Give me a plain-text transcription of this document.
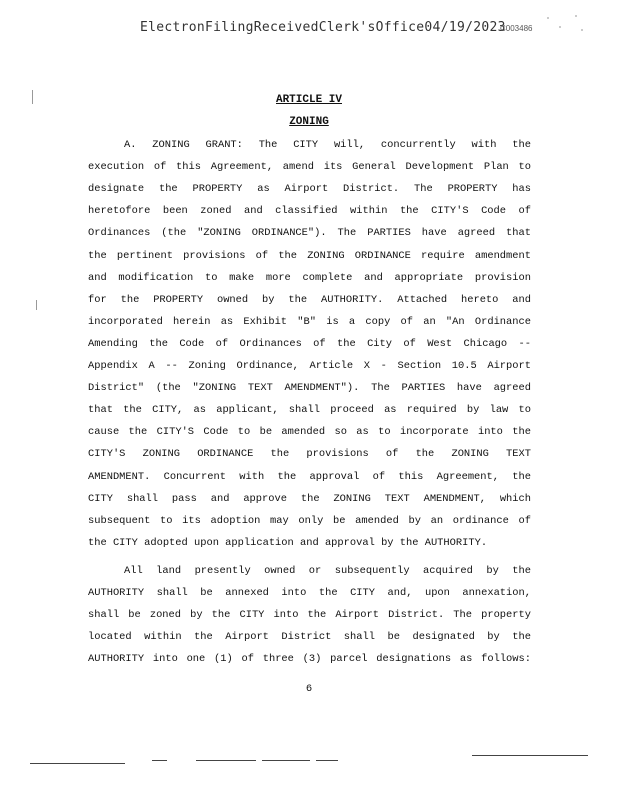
ElectronFilingReceivedClerk'sOffice04/19/2023
C003486
ARTICLE IV
ZONING
A. ZONING GRANT: The CITY will, concurrently with the
execution of this Agreement, amend its General Development Plan to
designate the PROPERTY as Airport District. The PROPERTY has
heretofore been zoned and classified within the CITY'S Code of
Ordinances (the "ZONING ORDINANCE"). The PARTIES have agreed that
the pertinent provisions of the ZONING ORDINANCE require amendment
and modification to make more complete and appropriate provision
for the PROPERTY owned by the AUTHORITY. Attached hereto and
incorporated herein as Exhibit "B" is a copy of an "An Ordinance
Amending the Code of Ordinances of the City of West Chicago --
Appendix A -- Zoning Ordinance, Article X - Section 10.5 Airport
District" (the "ZONING TEXT AMENDMENT"). The PARTIES have agreed
that the CITY, as applicant, shall proceed as required by law to
cause the CITY'S Code to be amended so as to incorporate into the
CITY'S ZONING ORDINANCE the provisions of the ZONING TEXT
AMENDMENT. Concurrent with the approval of this Agreement, the
CITY shall pass and approve the ZONING TEXT AMENDMENT, which
subsequent to its adoption may only be amended by an ordinance of
the CITY adopted upon application and approval by the AUTHORITY.
All land presently owned or subsequently acquired by the
AUTHORITY shall be annexed into the CITY and, upon annexation,
shall be zoned by the CITY into the Airport District. The property
located within the Airport District shall be designated by the
AUTHORITY into one (1) of three (3) parcel designations as follows:
6
